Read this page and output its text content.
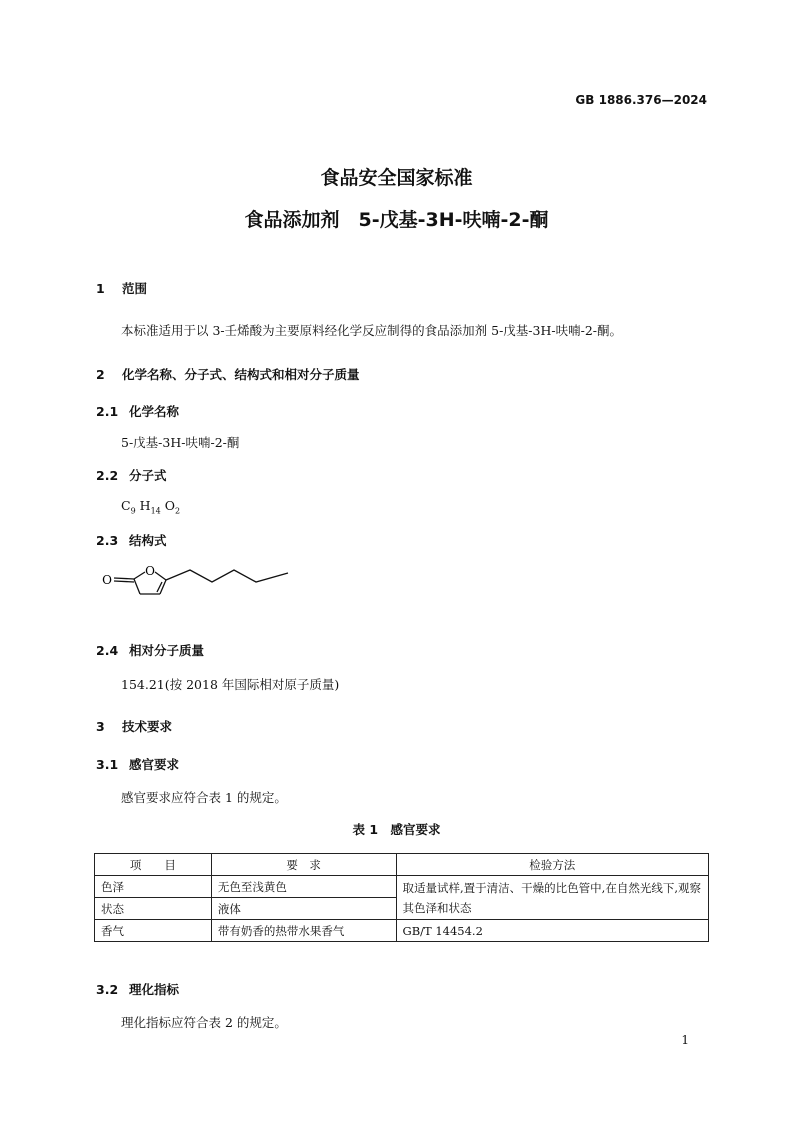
GB 1886.376—2024
食品安全国家标准
食品添加剂　5-戊基-3H-呋喃-2-酮
1 范围
本标准适用于以 3-壬烯酸为主要原料经化学反应制得的食品添加剂 5-戊基-3H-呋喃-2-酮。
2 化学名称、分子式、结构式和相对分子质量
2.1 化学名称
5-戊基-3H-呋喃-2-酮
2.2 分子式
$C_9$ $H_{14}$ $O_2$
2.3 结构式
O
O
2.4 相对分子质量
154.21(按 2018 年国际相对原子质量)
3 技术要求
3.1 感官要求
感官要求应符合表 1 的规定。
表 1　感官要求
项　　目	要　求	检验方法
色泽	无色至浅黄色	取适量试样,置于清洁、干燥的比色管中,在自然光线下,观察其色泽和状态
状态	液体	
香气	带有奶香的热带水果香气	GB/T 14454.2
3.2 理化指标
理化指标应符合表 2 的规定。
1
